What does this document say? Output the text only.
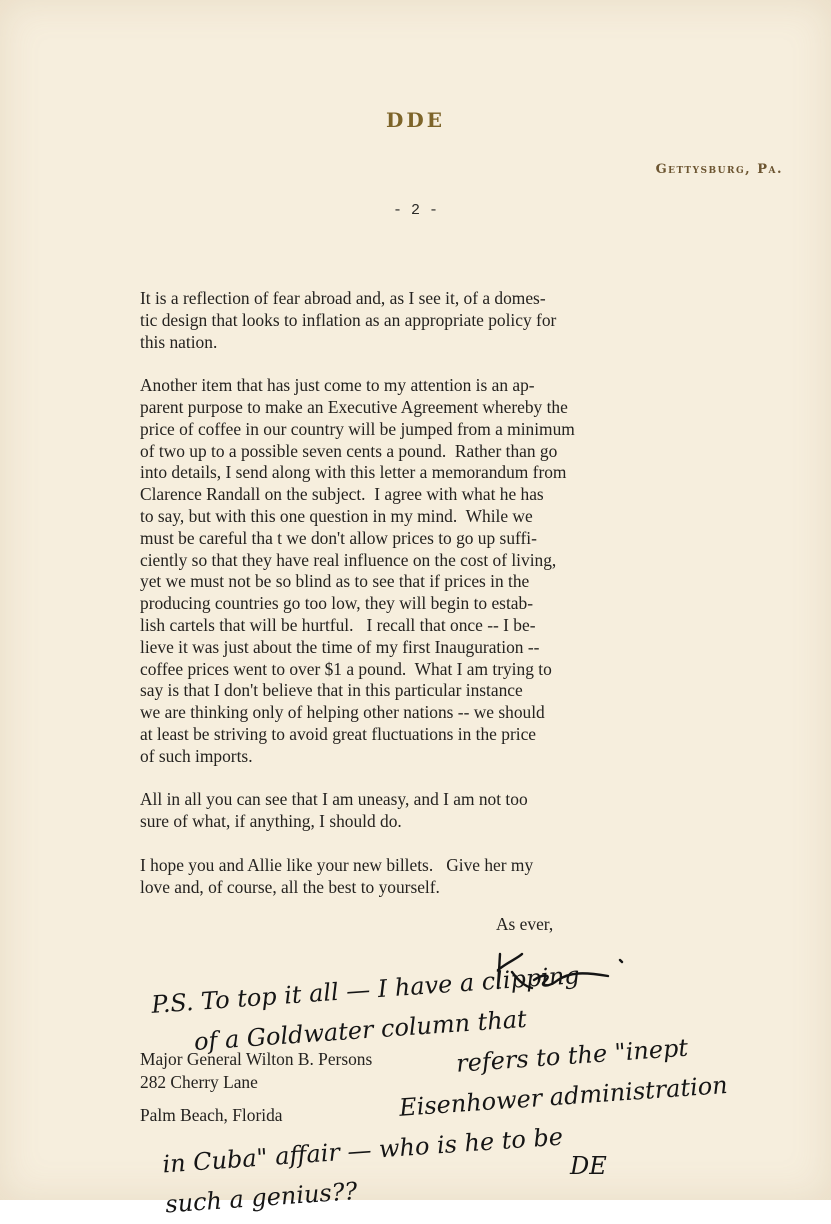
DDE
Gettysburg, Pa.
- 2 -
It is a reflection of fear abroad and, as I see it, of a domes-
tic design that looks to inflation as an appropriate policy for
this nation.
Another item that has just come to my attention is an ap-
parent purpose to make an Executive Agreement whereby the
price of coffee in our country will be jumped from a minimum
of two up to a possible seven cents a pound.  Rather than go
into details, I send along with this letter a memorandum from
Clarence Randall on the subject.  I agree with what he has
to say, but with this one question in my mind.  While we
must be careful tha t we don't allow prices to go up suffi-
ciently so that they have real influence on the cost of living,
yet we must not be so blind as to see that if prices in the
producing countries go too low, they will begin to estab-
lish cartels that will be hurtful.   I recall that once -- I be-
lieve it was just about the time of my first Inauguration --
coffee prices went to over $1 a pound.  What I am trying to
say is that I don't believe that in this particular instance
we are thinking only of helping other nations -- we should
at least be striving to avoid great fluctuations in the price
of such imports.
All in all you can see that I am uneasy, and I am not too
sure of what, if anything, I should do.
I hope you and Allie like your new billets.   Give her my
love and, of course, all the best to yourself.
As ever,
Major General Wilton B. Persons
282 Cherry Lane
Palm Beach, Florida
P.S. To top it all — I have a clipping
of a Goldwater column that
refers to the "inept
Eisenhower administration
in Cuba" affair — who is he to be
such a genius??
DE
